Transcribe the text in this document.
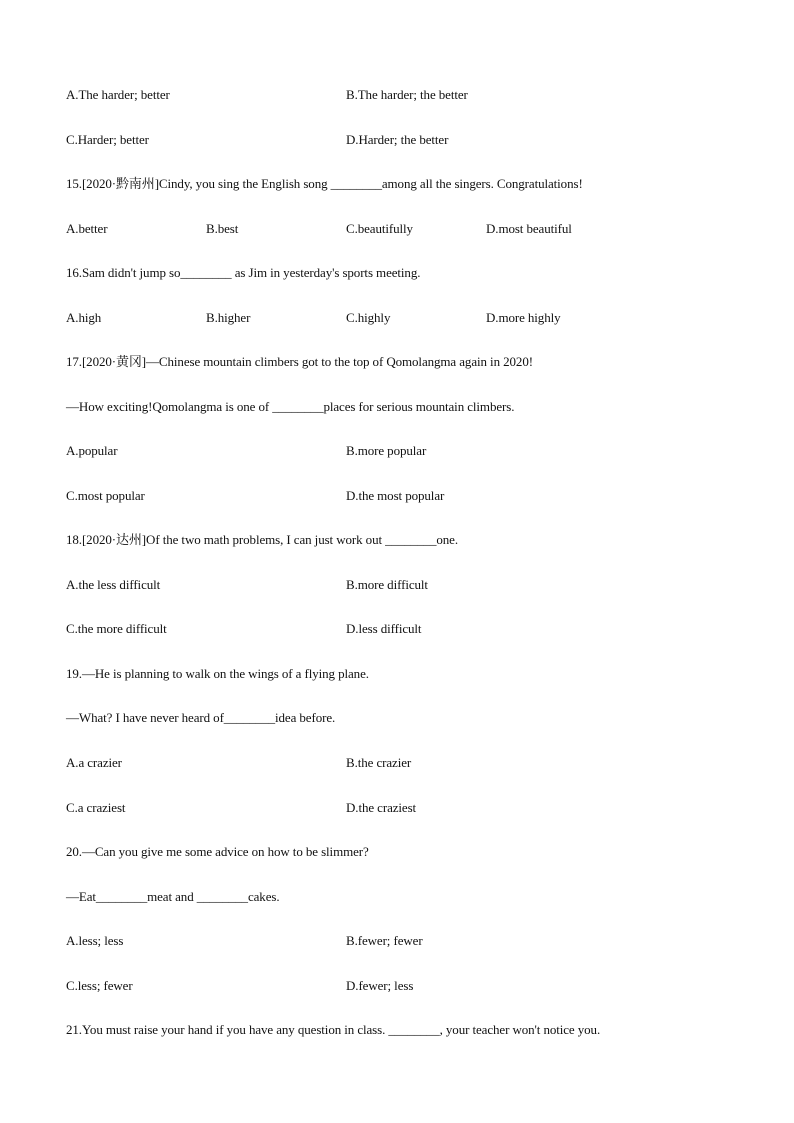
A.The harder; better	B.The harder; the better
C.Harder; better	D.Harder; the better
15.[2020·黔南州]Cindy, you sing the English song ________among all the singers. Congratulations!
A.better	B.best	C.beautifully	D.most beautiful
16.Sam didn't jump so________ as Jim in yesterday's sports meeting.
A.high	B.higher	C.highly	D.more highly
17.[2020·黄冈]—Chinese mountain climbers got to the top of Qomolangma again in 2020!
—How exciting!Qomolangma is one of ________places for serious mountain climbers.
A.popular	B.more popular
C.most popular	D.the most popular
18.[2020·达州]Of the two math problems, I can just work out ________one.
A.the less difficult	B.more difficult
C.the more difficult	D.less difficult
19.—He is planning to walk on the wings of a flying plane.
—What? I have never heard of________idea before.
A.a crazier	B.the crazier
C.a craziest	D.the craziest
20.—Can you give me some advice on how to be slimmer?
—Eat________meat and ________cakes.
A.less; less	B.fewer; fewer
C.less; fewer	D.fewer; less
21.You must raise your hand if you have any question in class. ________, your teacher won't notice you.
